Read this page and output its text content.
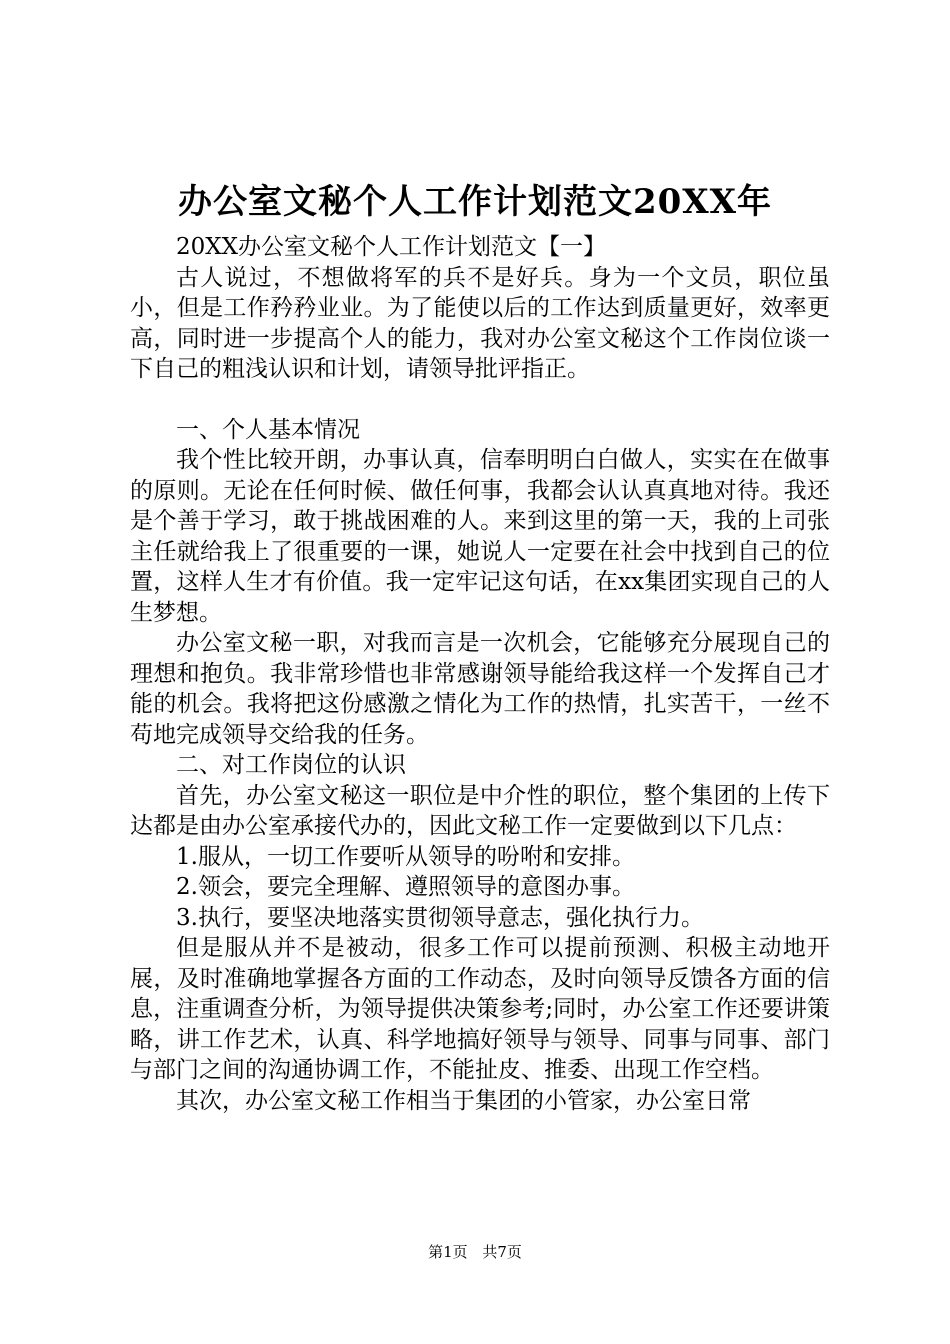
办公室文秘个人工作计划范文20XX年

20XX办公室文秘个人工作计划范文【一】

古人说过，不想做将军的兵不是好兵。身为一个文员，职位虽小，但是工作矜矜业业。为了能使以后的工作达到质量更好，效率更高，同时进一步提高个人的能力，我对办公室文秘这个工作岗位谈一下自己的粗浅认识和计划，请领导批评指正。

一、个人基本情况

我个性比较开朗，办事认真，信奉明明白白做人，实实在在做事的原则。无论在任何时候、做任何事，我都会认认真真地对待。我还是个善于学习，敢于挑战困难的人。来到这里的第一天，我的上司张主任就给我上了很重要的一课，她说人一定要在社会中找到自己的位置，这样人生才有价值。我一定牢记这句话，在xx集团实现自己的人生梦想。

办公室文秘一职，对我而言是一次机会，它能够充分展现自己的理想和抱负。我非常珍惜也非常感谢领导能给我这样一个发挥自己才能的机会。我将把这份感激之情化为工作的热情，扎实苦干，一丝不苟地完成领导交给我的任务。

二、对工作岗位的认识

首先，办公室文秘这一职位是中介性的职位，整个集团的上传下达都是由办公室承接代办的，因此文秘工作一定要做到以下几点：

1.服从，一切工作要听从领导的吩咐和安排。

2.领会，要完全理解、遵照领导的意图办事。

3.执行，要坚决地落实贯彻领导意志，强化执行力。

但是服从并不是被动，很多工作可以提前预测、积极主动地开展，及时准确地掌握各方面的工作动态，及时向领导反馈各方面的信息，注重调查分析，为领导提供决策参考;同时，办公室工作还要讲策略，讲工作艺术，认真、科学地搞好领导与领导、同事与同事、部门与部门之间的沟通协调工作，不能扯皮、推委、出现工作空档。

其次，办公室文秘工作相当于集团的小管家，办公室日常

第1页 共7页
